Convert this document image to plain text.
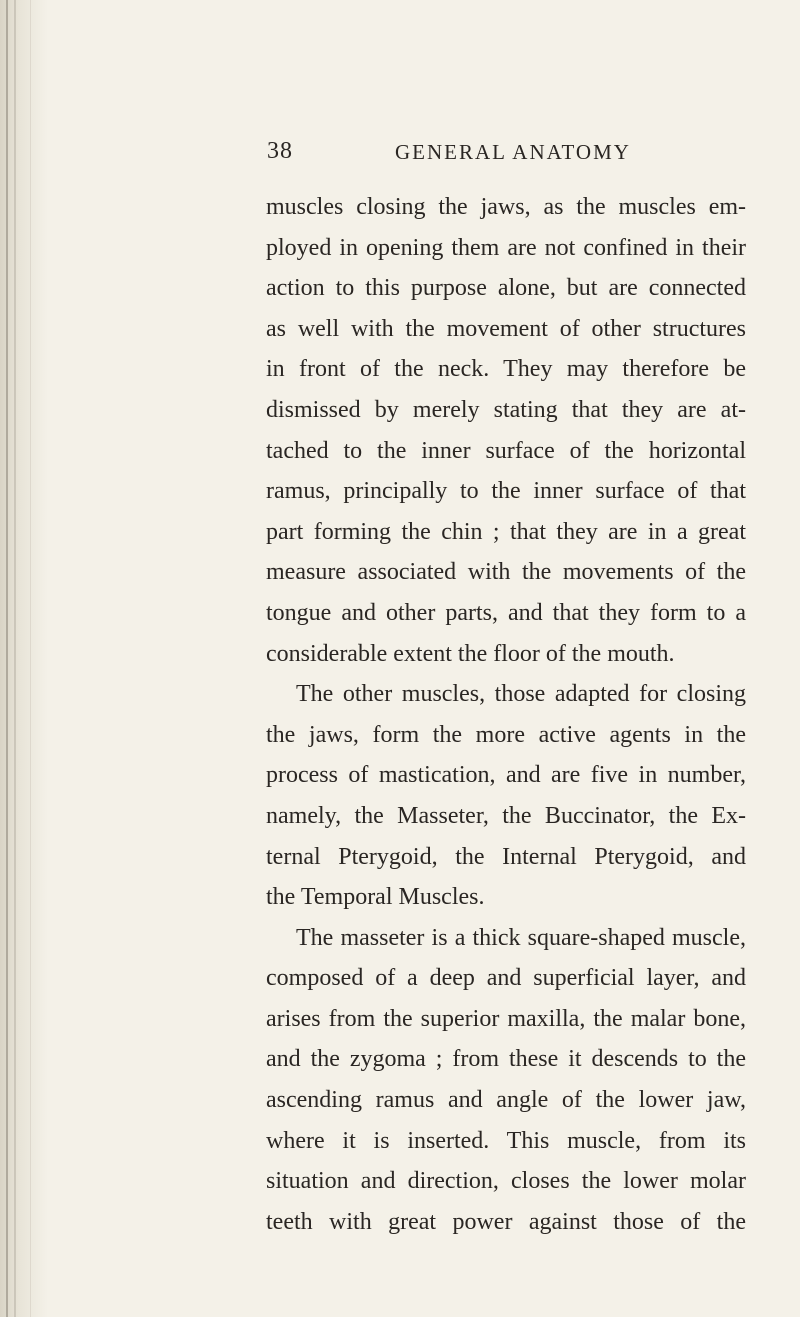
38	GENERAL ANATOMY
muscles closing the jaws, as the muscles em-
ployed in opening them are not confined in their
action to this purpose alone, but are connected
as well with the movement of other structures
in front of the neck. They may therefore be
dismissed by merely stating that they are at-
tached to the inner surface of the horizontal
ramus, principally to the inner surface of that
part forming the chin ; that they are in a great
measure associated with the movements of the
tongue and other parts, and that they form to a
considerable extent the floor of the mouth.
The other muscles, those adapted for closing
the jaws, form the more active agents in the
process of mastication, and are five in number,
namely, the Masseter, the Buccinator, the Ex-
ternal Pterygoid, the Internal Pterygoid, and
the Temporal Muscles.
The masseter is a thick square-shaped muscle,
composed of a deep and superficial layer, and
arises from the superior maxilla, the malar bone,
and the zygoma ; from these it descends to the
ascending ramus and angle of the lower jaw,
where it is inserted. This muscle, from its
situation and direction, closes the lower molar
teeth with great power against those of the
